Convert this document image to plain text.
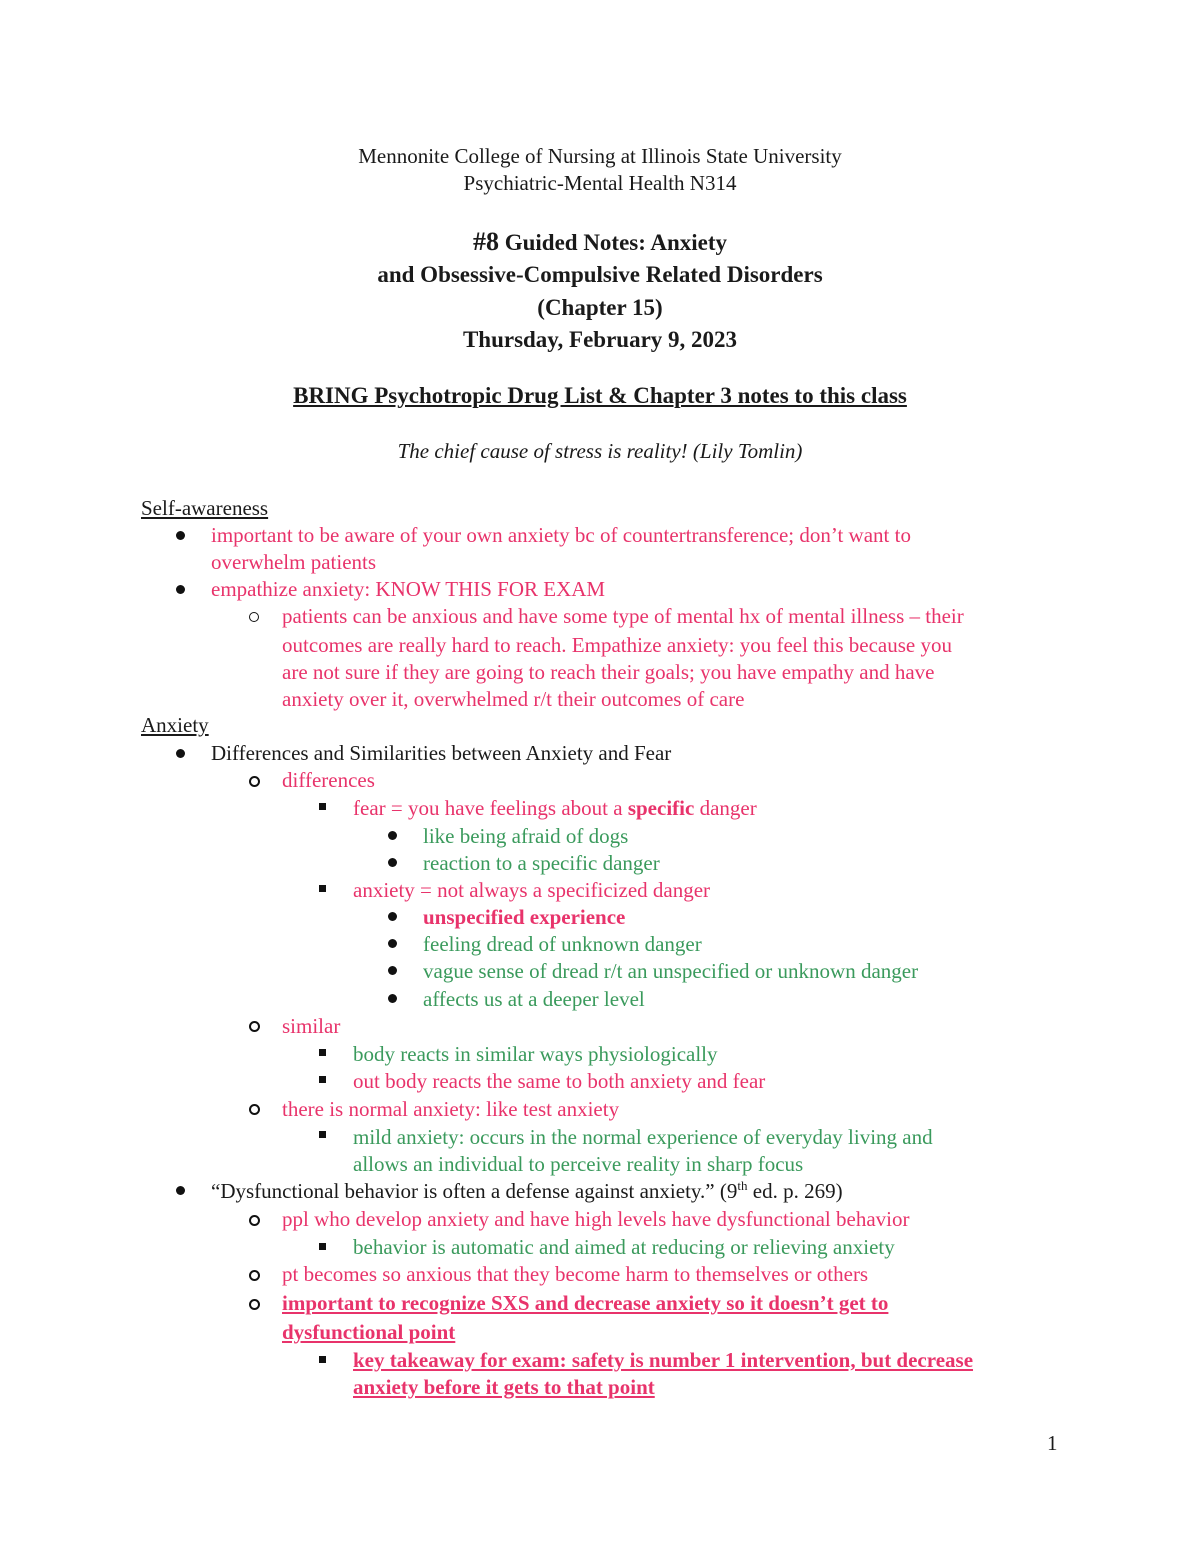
Mennonite College of Nursing at Illinois State University
Psychiatric-Mental Health N314
#8 Guided Notes: Anxiety
and Obsessive-Compulsive Related Disorders
(Chapter 15)
Thursday, February 9, 2023
BRING Psychotropic Drug List & Chapter 3 notes to this class
The chief cause of stress is reality! (Lily Tomlin)
Self-awareness
important to be aware of your own anxiety bc of countertransference; don’t want to
overwhelm patients
empathize anxiety: KNOW THIS FOR EXAM
patients can be anxious and have some type of mental hx of mental illness – their
outcomes are really hard to reach. Empathize anxiety: you feel this because you
are not sure if they are going to reach their goals; you have empathy and have
anxiety over it, overwhelmed r/t their outcomes of care
Anxiety
Differences and Similarities between Anxiety and Fear
differences
fear = you have feelings about a specific danger
like being afraid of dogs
reaction to a specific danger
anxiety = not always a specificized danger
unspecified experience
feeling dread of unknown danger
vague sense of dread r/t an unspecified or unknown danger
affects us at a deeper level
similar
body reacts in similar ways physiologically
out body reacts the same to both anxiety and fear
there is normal anxiety: like test anxiety
mild anxiety: occurs in the normal experience of everyday living and
allows an individual to perceive reality in sharp focus
“Dysfunctional behavior is often a defense against anxiety.” (9th ed. p. 269)
ppl who develop anxiety and have high levels have dysfunctional behavior
behavior is automatic and aimed at reducing or relieving anxiety
pt becomes so anxious that they become harm to themselves or others
important to recognize SXS and decrease anxiety so it doesn’t get to
dysfunctional point
key takeaway for exam: safety is number 1 intervention, but decrease
anxiety before it gets to that point
1
